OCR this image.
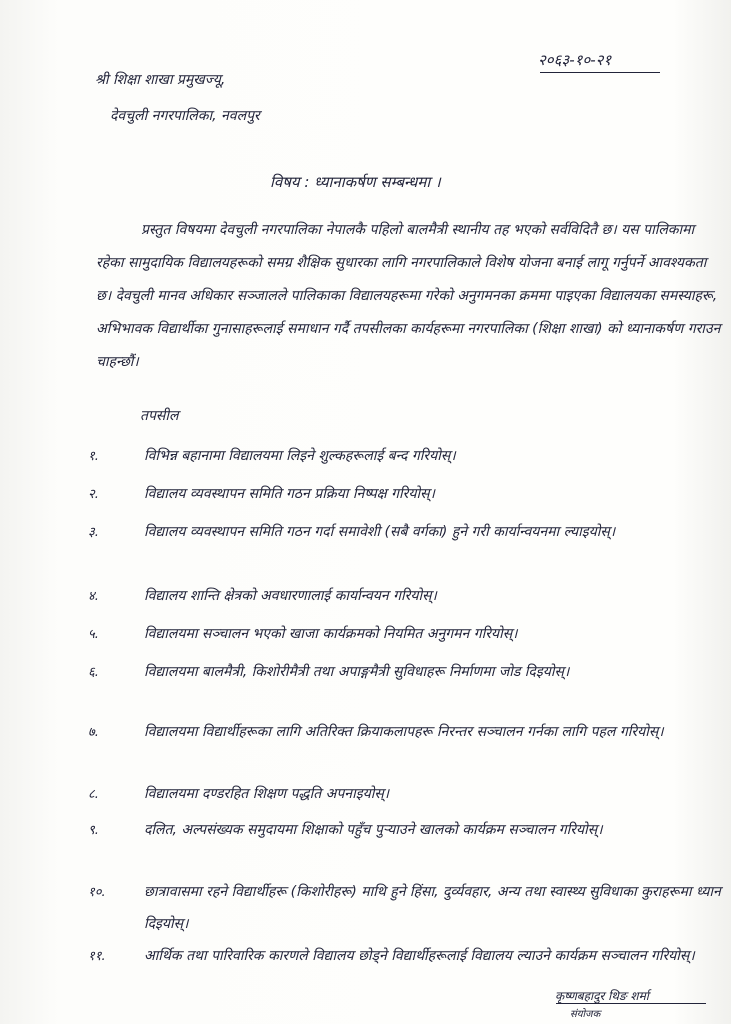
२०६३-१०-२१
श्री शिक्षा शाखा प्रमुखज्यू,
देवचुली नगरपालिका, नवलपुर
विषय : ध्यानाकर्षण सम्बन्धमा ।
प्रस्तुत विषयमा देवचुली नगरपालिका नेपालकै पहिलो बालमैत्री स्थानीय तह भएको सर्वविदितै छ। यस पालिकामा रहेका सामुदायिक विद्यालयहरूको समग्र शैक्षिक सुधारका लागि नगरपालिकाले विशेष योजना बनाई लागू गर्नुपर्ने आवश्यकता छ। देवचुली मानव अधिकार सञ्जालले पालिकाका विद्यालयहरूमा गरेको अनुगमनका क्रममा पाइएका विद्यालयका समस्याहरू, अभिभावक विद्यार्थीका गुनासाहरूलाई समाधान गर्दै तपसीलका कार्यहरूमा नगरपालिका (शिक्षा शाखा) को ध्यानाकर्षण गराउन चाहन्छौं।
तपसील
१.	विभिन्न बहानामा विद्यालयमा लिइने शुल्कहरूलाई बन्द गरियोस्।
२.	विद्यालय व्यवस्थापन समिति गठन प्रक्रिया निष्पक्ष गरियोस्।
३.	विद्यालय व्यवस्थापन समिति गठन गर्दा समावेशी (सबै वर्गका) हुने गरी कार्यान्वयनमा ल्याइयोस्।
४.	विद्यालय शान्ति क्षेत्रको अवधारणालाई कार्यान्वयन गरियोस्।
५.	विद्यालयमा सञ्चालन भएको खाजा कार्यक्रमको नियमित अनुगमन गरियोस्।
६.	विद्यालयमा बालमैत्री, किशोरीमैत्री तथा अपाङ्गमैत्री सुविधाहरू निर्माणमा जोड दिइयोस्।
७.	विद्यालयमा विद्यार्थीहरूका लागि अतिरिक्त क्रियाकलापहरू निरन्तर सञ्चालन गर्नका लागि पहल गरियोस्।
८.	विद्यालयमा दण्डरहित शिक्षण पद्धति अपनाइयोस्।
९.	दलित, अल्पसंख्यक समुदायमा शिक्षाको पहुँच पुर्‍याउने खालको कार्यक्रम सञ्चालन गरियोस्।
१०.	छात्रावासमा रहने विद्यार्थीहरू (किशोरीहरू) माथि हुने हिंसा, दुर्व्यवहार, अन्य तथा स्वास्थ्य सुविधाका कुराहरूमा ध्यान दिइयोस्।
११.	आर्थिक तथा पारिवारिक कारणले विद्यालय छोड्ने विद्यार्थीहरूलाई विद्यालय ल्याउने कार्यक्रम सञ्चालन गरियोस्।
कृष्णबहादुर थिङ शर्मा
संयोजक
